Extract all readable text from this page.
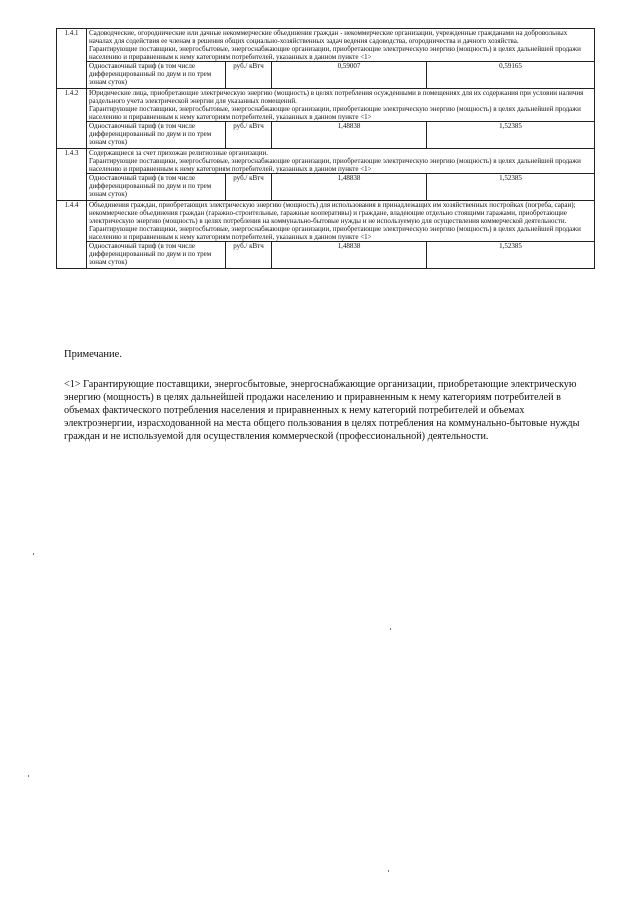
1.4.1	Садоводческие, огороднические или дачные некоммерческие объединения граждан - некоммерческие организации, учрежденные гражданами на добровольных началах для содействия ее членам в решения общих социально-хозяйственных задач ведения садоводства, огородничества и дачного хозяйства.

Гарантирующие поставщики, энергосбытовые, энергоснабжающие организации, приобретающие электрическую энергию (мощность) в целях дальнейшей продажи населению и приравненным к нему категориям потребителей, указанных в данном пункте <1>			

	Одноставочный тариф (в том числе дифференцированный по двум и по трем зонам суток)	руб./ кВтч	0,59007	0,59165
1.4.2	Юридические лица, приобретающие электрическую энергию (мощность) в целях потребления осужденными в помещениях для их содержания при условии наличия раздельного учета электрической энергии для указанных помещений.

Гарантирующие поставщики, энергосбытовые, энергоснабжающие организации, приобретающие электрическую энергию (мощность) в целях дальнейшей продажи населению и приравненным к нему категориям потребителей, указанных в данном пункте <1>			

	Одноставочный тариф (в том числе дифференцированный по двум и по трем зонам суток)	руб./ кВтч	1,48838	1,52385
1.4.3	Содержащиеся за счет прихожан религиозные организации.

Гарантирующие поставщики, энергосбытовые, энергоснабжающие организации, приобретающие электрическую энергию (мощность) в целях дальнейшей продажи населению и приравненным к нему категориям потребителей, указанных в данном пункте <1>			

	Одноставочный тариф (в том числе дифференцированный по двум и по трем зонам суток)	руб./ кВтч	1,48838	1,52385
1.4.4	Объединения граждан, приобретающих электрическую энергию (мощность) для использования в принадлежащих им хозяйственных постройках (погреба, сараи); некоммерческие объединения граждан (гаражно-строительные, гаражные кооперативы) и граждане, владеющие отдельно стоящими гаражами, приобретающие электрическую энергию (мощность) в целях потребления на коммунально-бытовые нужды и не используемую для осуществления коммерческой деятельности.

Гарантирующие поставщики, энергосбытовые, энергоснабжающие организации, приобретающие электрическую энергию (мощность) в целях дальнейшей продажи населению и приравненным к нему категориям потребителей, указанных в данном пункте <1>			

	Одноставочный тариф (в том числе дифференцированный по двум и по трем зонам суток)	руб./ кВтч	1,48838	1,52385
Примечание.

<1> Гарантирующие поставщики, энергосбытовые, энергоснабжающие организации, приобретающие электрическую энергию (мощность) в целях дальнейшей продажи населению и приравненным к нему категориям потребителей в объемах фактического потребления населения и приравненных к нему категорий потребителей и объемах электроэнергии, израсходованной на места общего пользования в целях потребления на коммунально-бытовые нужды граждан и не используемой для осуществления коммерческой (профессиональной) деятельности.
